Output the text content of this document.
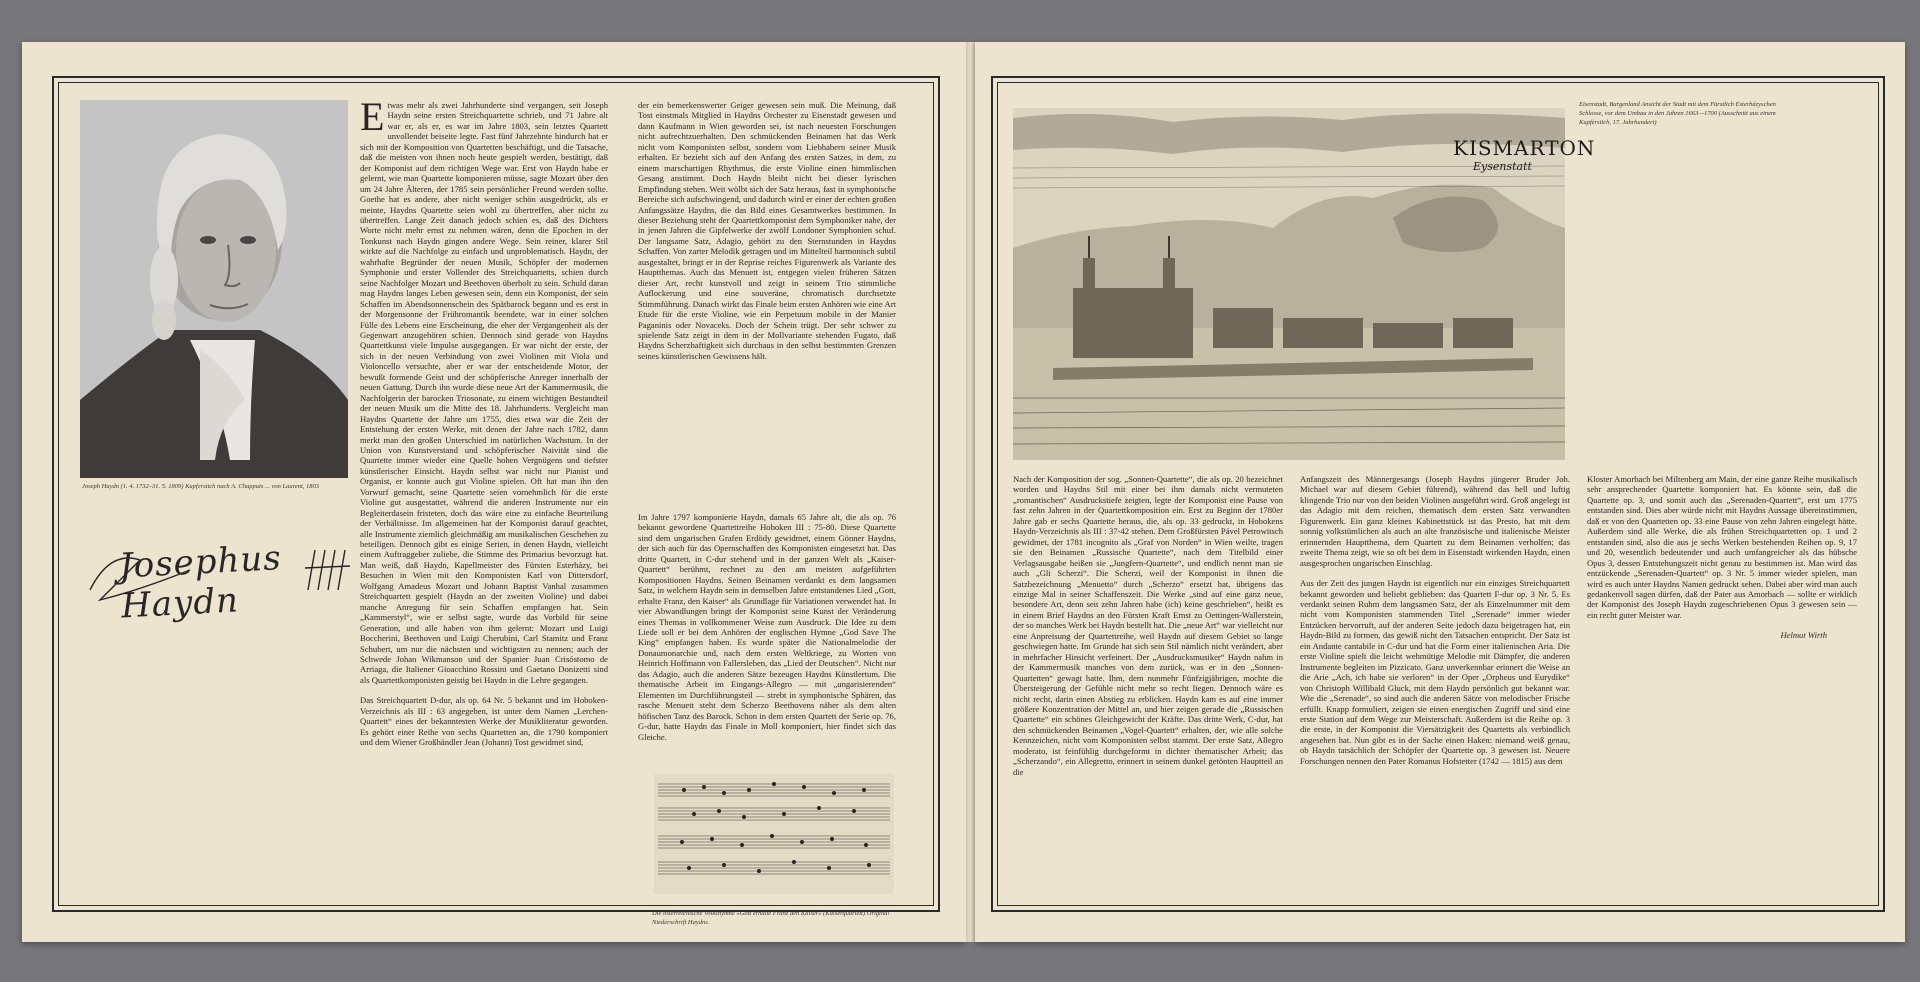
Joseph Haydn (1. 4. 1732–31. 5. 1809) Kupferstich nach A. Chappuis ... von Laurent, 1803
Josephus Haydn

Etwas mehr als zwei Jahrhunderte sind vergangen, seit Joseph Haydn seine ersten Streichquartette schrieb, und 71 Jahre alt war er, als er, es war im Jahre 1803, sein letztes Quartett unvollendet beiseite legte. Fast fünf Jahrzehnte hindurch hat er sich mit der Komposition von Quartetten beschäftigt, und die Tatsache, daß die meisten von ihnen noch heute gespielt werden, bestätigt, daß der Komponist auf dem richtigen Wege war. Erst von Haydn habe er gelernt, wie man Quartette komponieren müsse, sagte Mozart über den um 24 Jahre Älteren, der 1785 sein persönlicher Freund werden sollte. Goethe hat es andere, aber nicht weniger schön ausgedrückt, als er meinte, Haydns Quartette seien wohl zu übertreffen, aber nicht zu übertreffen. Lange Zeit danach jedoch schien es, daß des Dichters Worte nicht mehr ernst zu nehmen wären, denn die Epochen in der Tonkunst nach Haydn gingen andere Wege. Sein reiner, klarer Stil wirkte auf die Nachfolge zu einfach und unproblematisch. Haydn, der wahrhafte Begründer der neuen Musik, Schöpfer der modernen Symphonie und erster Vollender des Streichquartetts, schien durch seine Nachfolger Mozart und Beethoven überholt zu sein. Schuld daran mag Haydns langes Leben gewesen sein, denn ein Komponist, der sein Schaffen im Abendsonnenschein des Spätbarock begann und es erst in der Morgensonne der Frühromantik beendete, war in einer solchen Fülle des Lebens eine Erscheinung, die eher der Vergangenheit als der Gegenwart anzugehören schien. Dennoch sind gerade von Haydns Quartettkunst viele Impulse ausgegangen. Er war nicht der erste, der sich in der neuen Verbindung von zwei Violinen mit Viola und Violoncello versuchte, aber er war der entscheidende Motor, der bewußt formende Geist und der schöpferische Anreger innerhalb der neuen Gattung. Durch ihn wurde diese neue Art der Kammermusik, die Nachfolgerin der barocken Triosonate, zu einem wichtigen Bestandteil der neuen Musik um die Mitte des 18. Jahrhunderts. Vergleicht man Haydns Quartette der Jahre um 1755, dies etwa war die Zeit der Entstehung der ersten Werke, mit denen der Jahre nach 1782, dann merkt man den großen Unterschied im natürlichen Wachstum. In der Union von Kunstverstand und schöpferischer Naivität sind die Quartette immer wieder eine Quelle hohen Vergnügens und tiefster künstlerischer Einsicht. Haydn selbst war nicht nur Pianist und Organist, er konnte auch gut Violine spielen. Oft hat man ihn den Vorwurf gemacht, seine Quartette seien vornehmlich für die erste Violine gut ausgestattet, während die anderen Instrumente nur ein Begleiterdasein fristeten, doch das wäre eine zu einfache Beurteilung der Verhältnisse. Im allgemeinen hat der Komponist darauf geachtet, alle Instrumente ziemlich gleichmäßig am musikalischen Geschehen zu beteiligen. Dennoch gibt es einige Serien, in denen Haydn, vielleicht einem Auftraggeber zuliebe, die Stimme des Primarius bevorzugt hat. Man weiß, daß Haydn, Kapellmeister des Fürsten Esterházy, bei Besuchen in Wien mit den Komponisten Karl von Dittersdorf, Wolfgang Amadeus Mozart und Johann Baptist Vanhal zusammen Streichquartett gespielt (Haydn an der zweiten Violine) und dabei manche Anregung für sein Schaffen empfangen hat. Sein „Kammerstyl“, wie er selbst sagte, wurde das Vorbild für seine Generation, und alle haben von ihm gelernt: Mozart und Luigi Boccherini, Beethoven und Luigi Cherubini, Carl Stamitz und Franz Schubert, um nur die nächsten und wichtigsten zu nennen; auch der Schwede Johan Wikmanson und der Spanier Juan Crisóstomo de Arriaga, die Italiener Gioacchino Rossini und Gaetano Donizetti sind als Quartettkomponisten geistig bei Haydn in die Lehre gegangen.

Das Streichquartett D-dur, als op. 64 Nr. 5 bekannt und im Hoboken-Verzeichnis als III : 63 angegeben, ist unter dem Namen „Lerchen-Quartett“ eines der bekanntesten Werke der Musikliteratur geworden. Es gehört einer Reihe von sechs Quartetten an, die 1790 komponiert und dem Wiener Großhändler Jean (Johann) Tost gewidmet sind,

der ein bemerkenswerter Geiger gewesen sein muß. Die Meinung, daß Tost einstmals Mitglied in Haydns Orchester zu Eisenstadt gewesen und dann Kaufmann in Wien geworden sei, ist nach neuesten Forschungen nicht aufrechtzuerhalten. Den schmückenden Beinamen hat das Werk nicht vom Komponisten selbst, sondern vom Liebhabern seiner Musik erhalten. Er bezieht sich auf den Anfang des ersten Satzes, in dem, zu einem marschartigen Rhythmus, die erste Violine einen himmlischen Gesang anstimmt. Doch Haydn bleibt nicht bei dieser lyrischen Empfindung stehen. Weit wölbt sich der Satz heraus, fast in symphonische Bereiche sich aufschwingend, und dadurch wird er einer der echten großen Anfangssätze Haydns, die das Bild eines Gesamtwerkes bestimmen. In dieser Beziehung steht der Quartettkomponist dem Symphoniker nahe, der in jenen Jahren die Gipfelwerke der zwölf Londoner Symphonien schuf. Der langsame Satz, Adagio, gehört zu den Sternstunden in Haydns Schaffen. Von zarter Melodik getragen und im Mittelteil harmonisch subtil ausgestaltet, bringt er in der Reprise reiches Figurenwerk als Variante des Hauptthemas. Auch das Menuett ist, entgegen vielen früheren Sätzen dieser Art, recht kunstvoll und zeigt in seinem Trio stimmliche Auflockerung und eine souveräne, chromatisch durchsetzte Stimmführung. Danach wirkt das Finale beim ersten Anhören wie eine Art Etude für die erste Violine, wie ein Perpetuum mobile in der Manier Paganinis oder Novaceks. Doch der Schein trügt. Der sehr schwer zu spielende Satz zeigt in dem in der Mollvariante stehenden Fugato, daß Haydns Scherzhaftigkeit sich durchaus in den selbst bestimmten Grenzen seines künstlerischen Gewissens hält.

Im Jahre 1797 komponierte Haydn, damals 65 Jahre alt, die als op. 76 bekannt gewordene Quartettreihe Hoboken III : 75-80. Diese Quartette sind dem ungarischen Grafen Erdödy gewidmet, einem Gönner Haydns, der sich auch für das Opernschaffen des Komponisten eingesetzt hat. Das dritte Quartett, in C-dur stehend und in der ganzen Welt als „Kaiser-Quartett“ berühmt, rechnet zu den am meisten aufgeführten Kompositionen Haydns. Seinen Beinamen verdankt es dem langsamen Satz, in welchem Haydn sein in demselben Jahre entstandenes Lied „Gott, erhalte Franz, den Kaiser“ als Grundlage für Variationen verwendet hat. In vier Abwandlungen bringt der Komponist seine Kunst der Veränderung eines Themas in vollkommener Weise zum Ausdruck. Die Idee zu dem Liede soll er bei dem Anhören der englischen Hymne „God Save The King“ empfangen haben. Es wurde später die Nationalmelodie der Donaumonarchie und, nach dem ersten Weltkriege, zu Worten von Heinrich Hoffmann von Fallersleben, das „Lied der Deutschen“. Nicht nur das Adagio, auch die anderen Sätze bezeugen Haydns Künstlertum. Die thematische Arbeit im Eingangs-Allegro — mit „ungarisierenden“ Elementen im Durchführungsteil — strebt in symphonische Sphären, das rasche Menuett steht dem Scherzo Beethovens näher als dem alten höfischen Tanz des Barock. Schon in dem ersten Quartett der Serie op. 76, G-dur, hatte Haydn das Finale in Moll komponiert, hier findet sich das Gleiche.

Die österreichische Volkshymne »Gott erhalte Franz den Kaiser« (Kaiserquartett) Original Niederschrift Haydns.
KISMARTON
Eysenstatt
Eisenstadt, Burgenland Ansicht der Stadt mit dem Fürstlich Esterházyschen Schlosse, vor dem Umbau in den Jahren 1663—1700 (Ausschnitt aus einem Kupferstich, 17. Jahrhundert)

Nach der Komposition der sog. „Sonnen-Quartette“, die als op. 20 bezeichnet worden und Haydns Stil mit einer bei ihm damals nicht vermuteten „romantischen“ Ausdruckstiefe zeigten, legte der Komponist eine Pause von fast zehn Jahren in der Quartettkomposition ein. Erst zu Beginn der 1780er Jahre gab er sechs Quartette heraus, die, als op. 33 gedruckt, in Hobokens Haydn-Verzeichnis als III : 37-42 stehen. Dem Großfürsten Pável Petrowitsch gewidmet, der 1781 incognito als „Graf von Norden“ in Wien weilte, tragen sie den Beinamen „Russische Quartette“, nach dem Titelbild einer Verlagsausgabe heißen sie „Jungfern-Quartette“, und endlich nennt man sie auch „Gli Scherzi“. Die Scherzi, weil der Komponist in ihnen die Satzbezeichnung „Menuetto“ durch „Scherzo“ ersetzt hat, übrigens das einzige Mal in seiner Schaffenszeit. Die Werke „sind auf eine ganz neue, besondere Art, denn seit zehn Jahren habe (ich) keine geschrieben“, heißt es in einem Brief Haydns an den Fürsten Kraft Ernst zu Oettingen-Wallerstein, der so manches Werk bei Haydn bestellt hat. Die „neue Art“ war vielleicht nur eine Anpreisung der Quartettreihe, weil Haydn auf diesem Gebiet so lange geschwiegen hatte. Im Grunde hat sich sein Stil nämlich nicht verändert, aber in mehrfacher Hinsicht verfeinert. Der „Ausdrucksmusiker“ Haydn nahm in der Kammermusik manches von dem zurück, was er in den „Sonnen-Quartetten“ gewagt hatte. Ihm, dem nunmehr Fünfzigjährigen, mochte die Übersteigerung der Gefühle nicht mehr so recht liegen. Dennoch wäre es nicht recht, darin einen Abstieg zu erblicken. Haydn kam es auf eine immer größere Konzentration der Mittel an, und hier zeigen gerade die „Russischen Quartette“ ein schönes Gleichgewicht der Kräfte. Das dritte Werk, C-dur, hat den schmückenden Beinamen „Vogel-Quartett“ erhalten, der, wie alle solche Kennzeichen, nicht vom Komponisten selbst stammt. Der erste Satz, Allegro moderato, ist feinfühlig durchgeformt in dichter thematischer Arbeit; das „Scherzando“, ein Allegretto, erinnert in seinem dunkel getönten Hauptteil an die

Anfangszeit des Männergesangs (Joseph Haydns jüngerer Bruder Joh. Michael war auf diesem Gebiet führend), während das hell und luftig klingende Trio nur von den beiden Violinen ausgeführt wird. Groß angelegt ist das Adagio mit dem reichen, thematisch dem ersten Satz verwandten Figurenwerk. Ein ganz kleines Kabinettstück ist das Presto, hat mit dem sonnig volkstümlichen als auch an alte französische und italienische Meister erinnernden Hauptthema, dem Quartett zu dem Beinamen verholfen; das zweite Thema zeigt, wie so oft bei dem in Eisenstadt wirkenden Haydn, einen ausgesprochen ungarischen Einschlag.

Aus der Zeit des jungen Haydn ist eigentlich nur ein einziges Streichquartett bekannt geworden und beliebt geblieben: das Quartett F-dur op. 3 Nr. 5. Es verdankt seinen Ruhm dem langsamen Satz, der als Einzelnummer mit dem nicht vom Komponisten stammenden Titel „Serenade“ immer wieder Entzücken hervorruft, auf der anderen Seite jedoch dazu beigetragen hat, ein Haydn-Bild zu formen, das gewiß nicht den Tatsachen entspricht. Der Satz ist ein Andante cantabile in C-dur und hat die Form einer italienischen Aria. Die erste Violine spielt die leicht wehmütige Melodie mit Dämpfer, die anderen Instrumente begleiten im Pizzicato. Ganz unverkennbar erinnert die Weise an die Arie „Ach, ich habe sie verloren“ in der Oper „Orpheus und Eurydike“ von Christoph Willibald Gluck, mit dem Haydn persönlich gut bekannt war. Wie die „Serenade“, so sind auch die anderen Sätze von melodischer Frische erfüllt. Knapp formuliert, zeigen sie einen energischen Zugriff und sind eine erste Station auf dem Wege zur Meisterschaft. Außerdem ist die Reihe op. 3 die erste, in der Komponist die Viersätzigkeit des Quartetts als verbindlich angesehen hat. Nun gibt es in der Sache einen Haken: niemand weiß genau, ob Haydn tatsächlich der Schöpfer der Quartette op. 3 gewesen ist. Neuere Forschungen nennen den Pater Romanus Hofstetter (1742 — 1815) aus dem

Kloster Amorbach bei Miltenberg am Main, der eine ganze Reihe musikalisch sehr ansprechender Quartette komponiert hat. Es könnte sein, daß die Quartette op. 3, und somit auch das „Serenaden-Quartett“, erst um 1775 entstanden sind. Dies aber würde nicht mit Haydns Aussage übereinstimmen, daß er von den Quartetten op. 33 eine Pause von zehn Jahren eingelegt hätte. Außerdem sind alle Werke, die als frühen Streichquartetten op. 1 und 2 entstanden sind, also die aus je sechs Werken bestehenden Reihen op. 9, 17 und 20, wesentlich bedeutender und auch umfangreicher als das hübsche Opus 3, dessen Entstehungszeit nicht genau zu bestimmen ist. Man wird das entzückende „Serenaden-Quartett“ op. 3 Nr. 5 immer wieder spielen, man wird es auch unter Haydns Namen gedruckt sehen. Dabei aber wird man auch gedankenvoll sagen dürfen, daß der Pater aus Amorbach — sollte er wirklich der Komponist des Joseph Haydn zugeschriebenen Opus 3 gewesen sein — ein recht guter Meister war.

Helmut Wirth
